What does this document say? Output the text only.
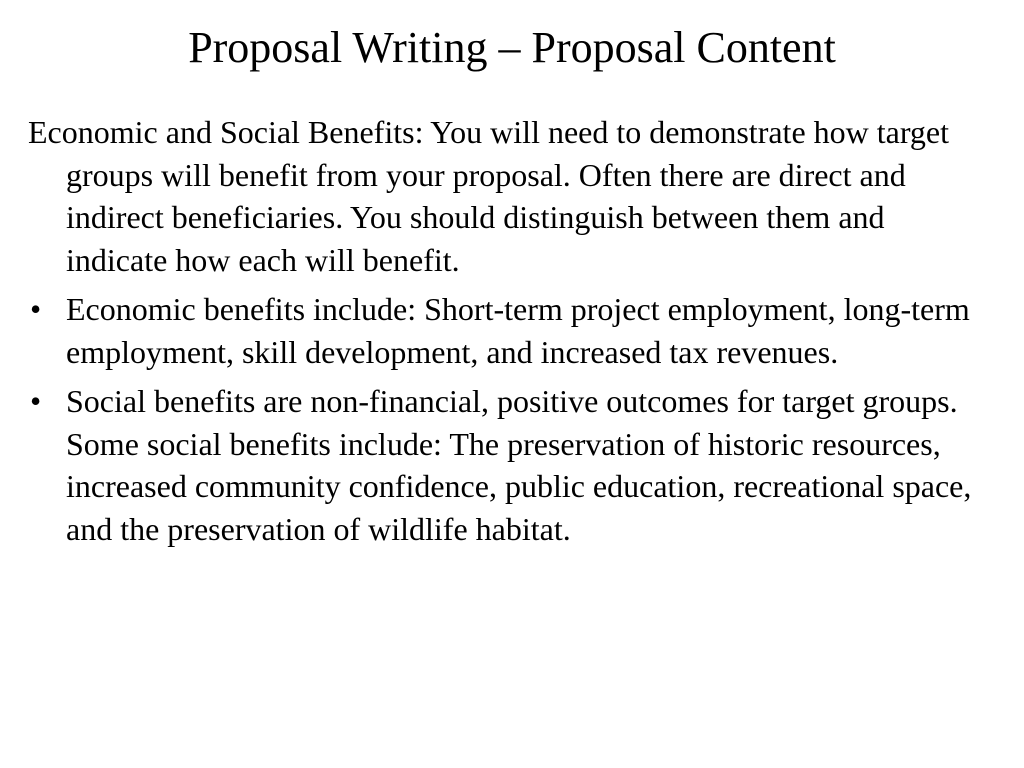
Proposal Writing – Proposal Content

Economic and Social Benefits: You will need to demonstrate how target groups will benefit from your proposal. Often there are direct and indirect beneficiaries. You should distinguish between them and indicate how each will benefit.

• Economic benefits include: Short-term project employment, long-term employment, skill development, and increased tax revenues.
• Social benefits are non-financial, positive outcomes for target groups. Some social benefits include: The preservation of historic resources, increased community confidence, public education, recreational space, and the preservation of wildlife habitat.
